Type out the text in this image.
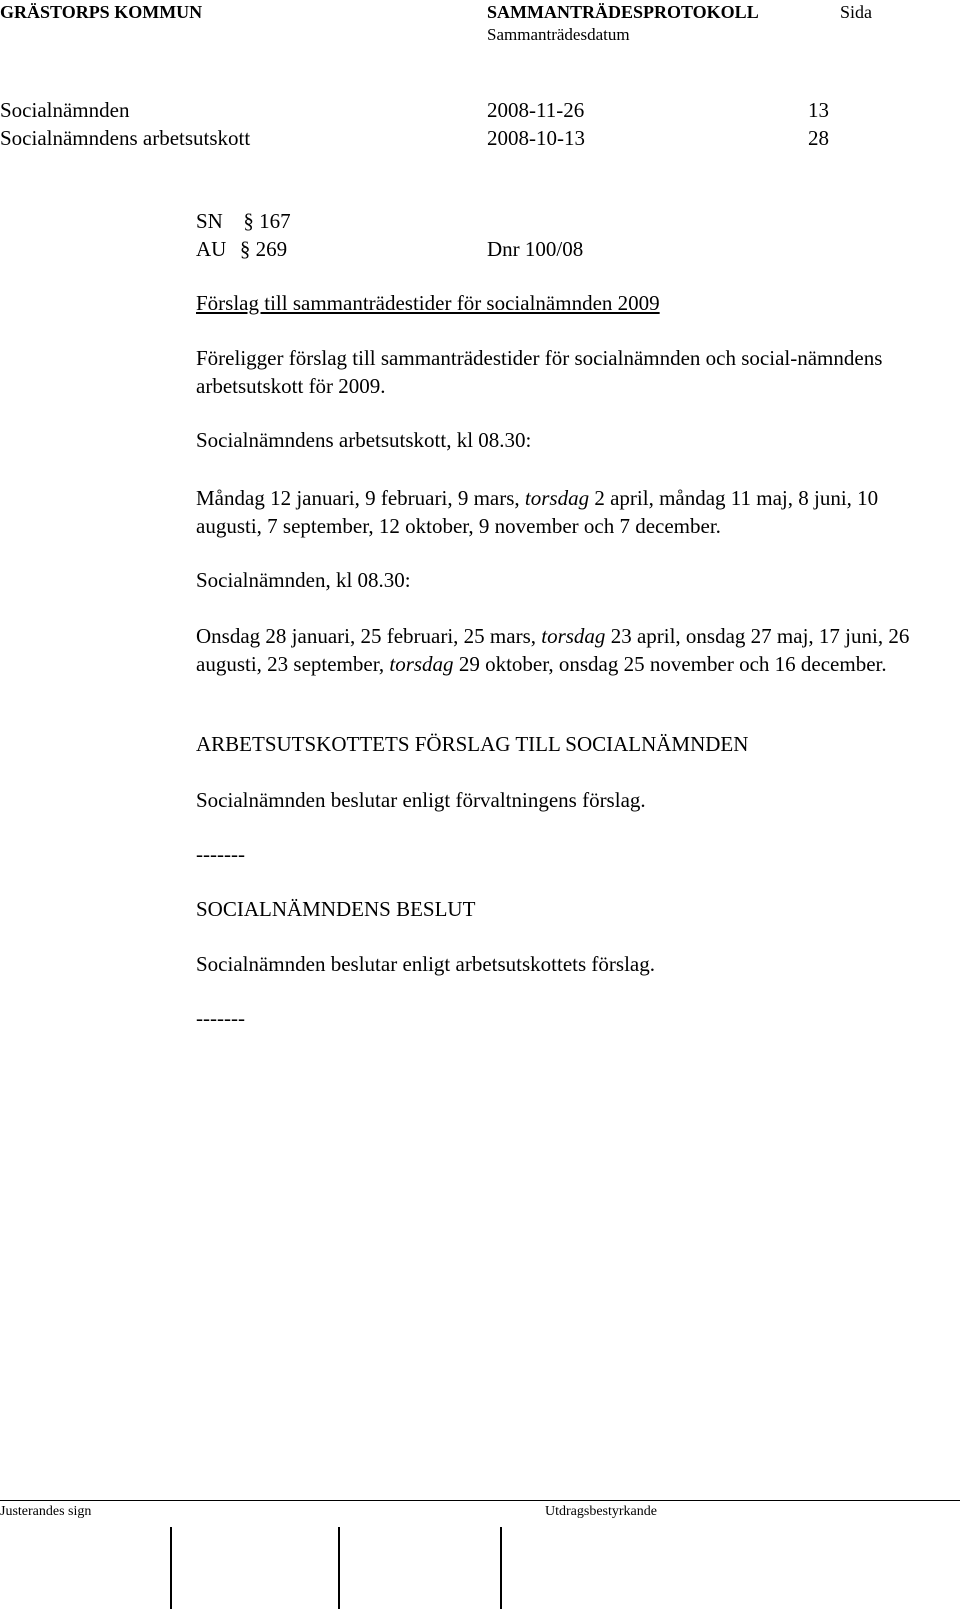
GRÄSTORPS KOMMUN	SAMMANTRÄDESPROTOKOLL	Sida
Sammanträdesdatum
Socialnämnden	2008-11-26	13
Socialnämndens arbetsutskott	2008-10-13	28
SN § 167
AU § 269	Dnr 100/08
Förslag till sammanträdestider för socialnämnden 2009
Föreligger förslag till sammanträdestider för socialnämnden och social-nämndens arbetsutskott för 2009.
Socialnämndens arbetsutskott, kl 08.30:
Måndag 12 januari, 9 februari, 9 mars, torsdag 2 april, måndag 11 maj, 8 juni, 10 augusti, 7 september, 12 oktober, 9 november och 7 december.
Socialnämnden, kl 08.30:
Onsdag 28 januari, 25 februari, 25 mars, torsdag 23 april, onsdag 27 maj, 17 juni, 26 augusti, 23 september, torsdag 29 oktober, onsdag 25 november och 16 december.
ARBETSUTSKOTTETS FÖRSLAG TILL SOCIALNÄMNDEN
Socialnämnden beslutar enligt förvaltningens förslag.
-------
SOCIALNÄMNDENS BESLUT
Socialnämnden beslutar enligt arbetsutskottets förslag.
-------
Justerandes sign	Utdragsbestyrkande
